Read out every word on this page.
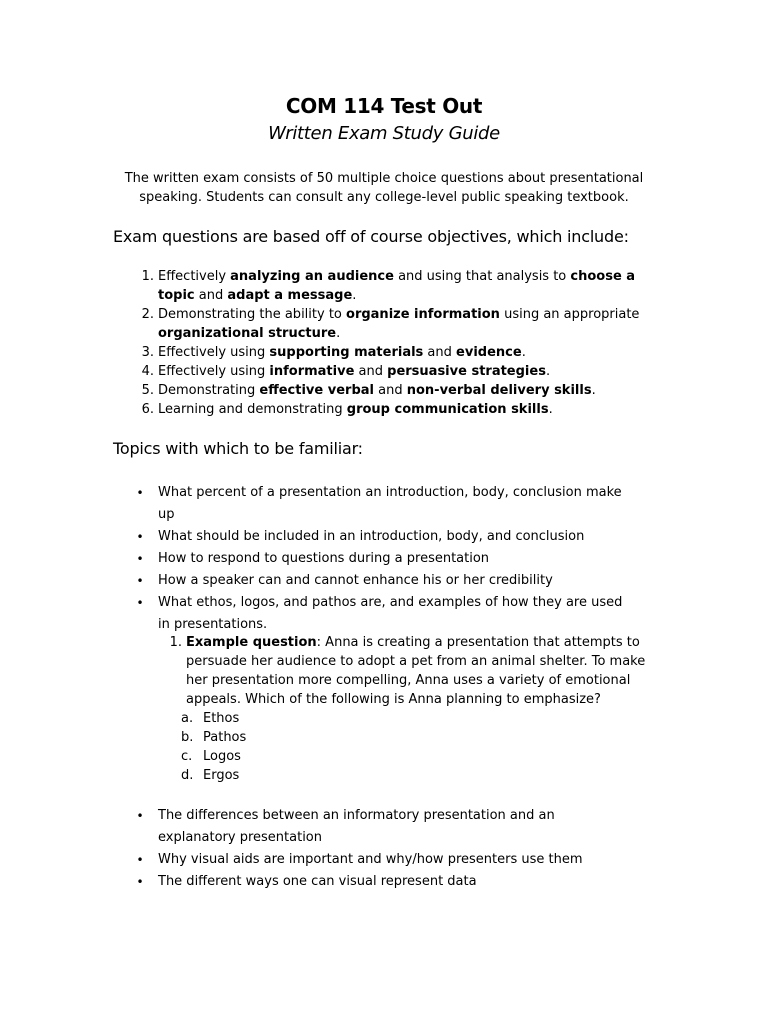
COM 114 Test Out
Written Exam Study Guide
The written exam consists of 50 multiple choice questions about presentational speaking. Students can consult any college-level public speaking textbook.
Exam questions are based off of course objectives, which include:
1. Effectively analyzing an audience and using that analysis to choose a topic and adapt a message.
2. Demonstrating the ability to organize information using an appropriate organizational structure.
3. Effectively using supporting materials and evidence.
4. Effectively using informative and persuasive strategies.
5. Demonstrating effective verbal and non-verbal delivery skills.
6. Learning and demonstrating group communication skills.
Topics with which to be familiar:
• What percent of a presentation an introduction, body, conclusion make up
• What should be included in an introduction, body, and conclusion
• How to respond to questions during a presentation
• How a speaker can and cannot enhance his or her credibility
• What ethos, logos, and pathos are, and examples of how they are used in presentations.
1. Example question: Anna is creating a presentation that attempts to persuade her audience to adopt a pet from an animal shelter. To make her presentation more compelling, Anna uses a variety of emotional appeals. Which of the following is Anna planning to emphasize?
a. Ethos
b. Pathos
c. Logos
d. Ergos
• The differences between an informatory presentation and an explanatory presentation
• Why visual aids are important and why/how presenters use them
• The different ways one can visual represent data
